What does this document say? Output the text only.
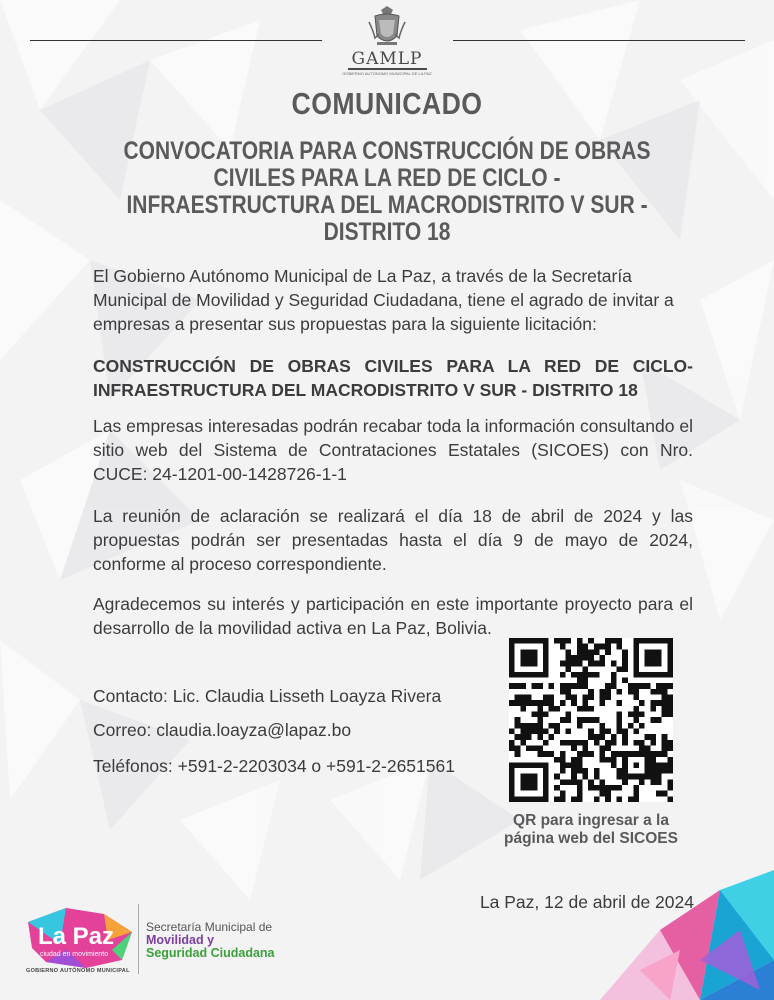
GAMLP
GOBIERNO AUTÓNOMO MUNICIPAL DE LA PAZ
COMUNICADO
CONVOCATORIA PARA CONSTRUCCIÓN DE OBRAS CIVILES PARA LA RED DE CICLO - INFRAESTRUCTURA DEL MACRODISTRITO V SUR - DISTRITO 18
El Gobierno Autónomo Municipal de La Paz, a través de la Secretaría Municipal de Movilidad y Seguridad Ciudadana, tiene el agrado de invitar a empresas a presentar sus propuestas para la siguiente licitación:
CONSTRUCCIÓN DE OBRAS CIVILES PARA LA RED DE CICLO-INFRAESTRUCTURA DEL MACRODISTRITO V SUR - DISTRITO 18
Las empresas interesadas podrán recabar toda la información consultando el sitio web del Sistema de Contrataciones Estatales (SICOES) con Nro. CUCE: 24-1201-00-1428726-1-1
La reunión de aclaración se realizará el día 18 de abril de 2024 y las propuestas podrán ser presentadas hasta el día 9 de mayo de 2024, conforme al proceso correspondiente.
Agradecemos su interés y participación en este importante proyecto para el desarrollo de la movilidad activa en La Paz, Bolivia.
Contacto: Lic. Claudia Lisseth Loayza Rivera
Correo: claudia.loayza@lapaz.bo
Teléfonos: +591-2-2203034 o +591-2-2651561
QR para ingresar a la página web del SICOES
La Paz, 12 de abril de 2024
La Paz
ciudad en movimiento
GOBIERNO AUTÓNOMO MUNICIPAL
Secretaría Municipal de
Movilidad y
Seguridad Ciudadana
